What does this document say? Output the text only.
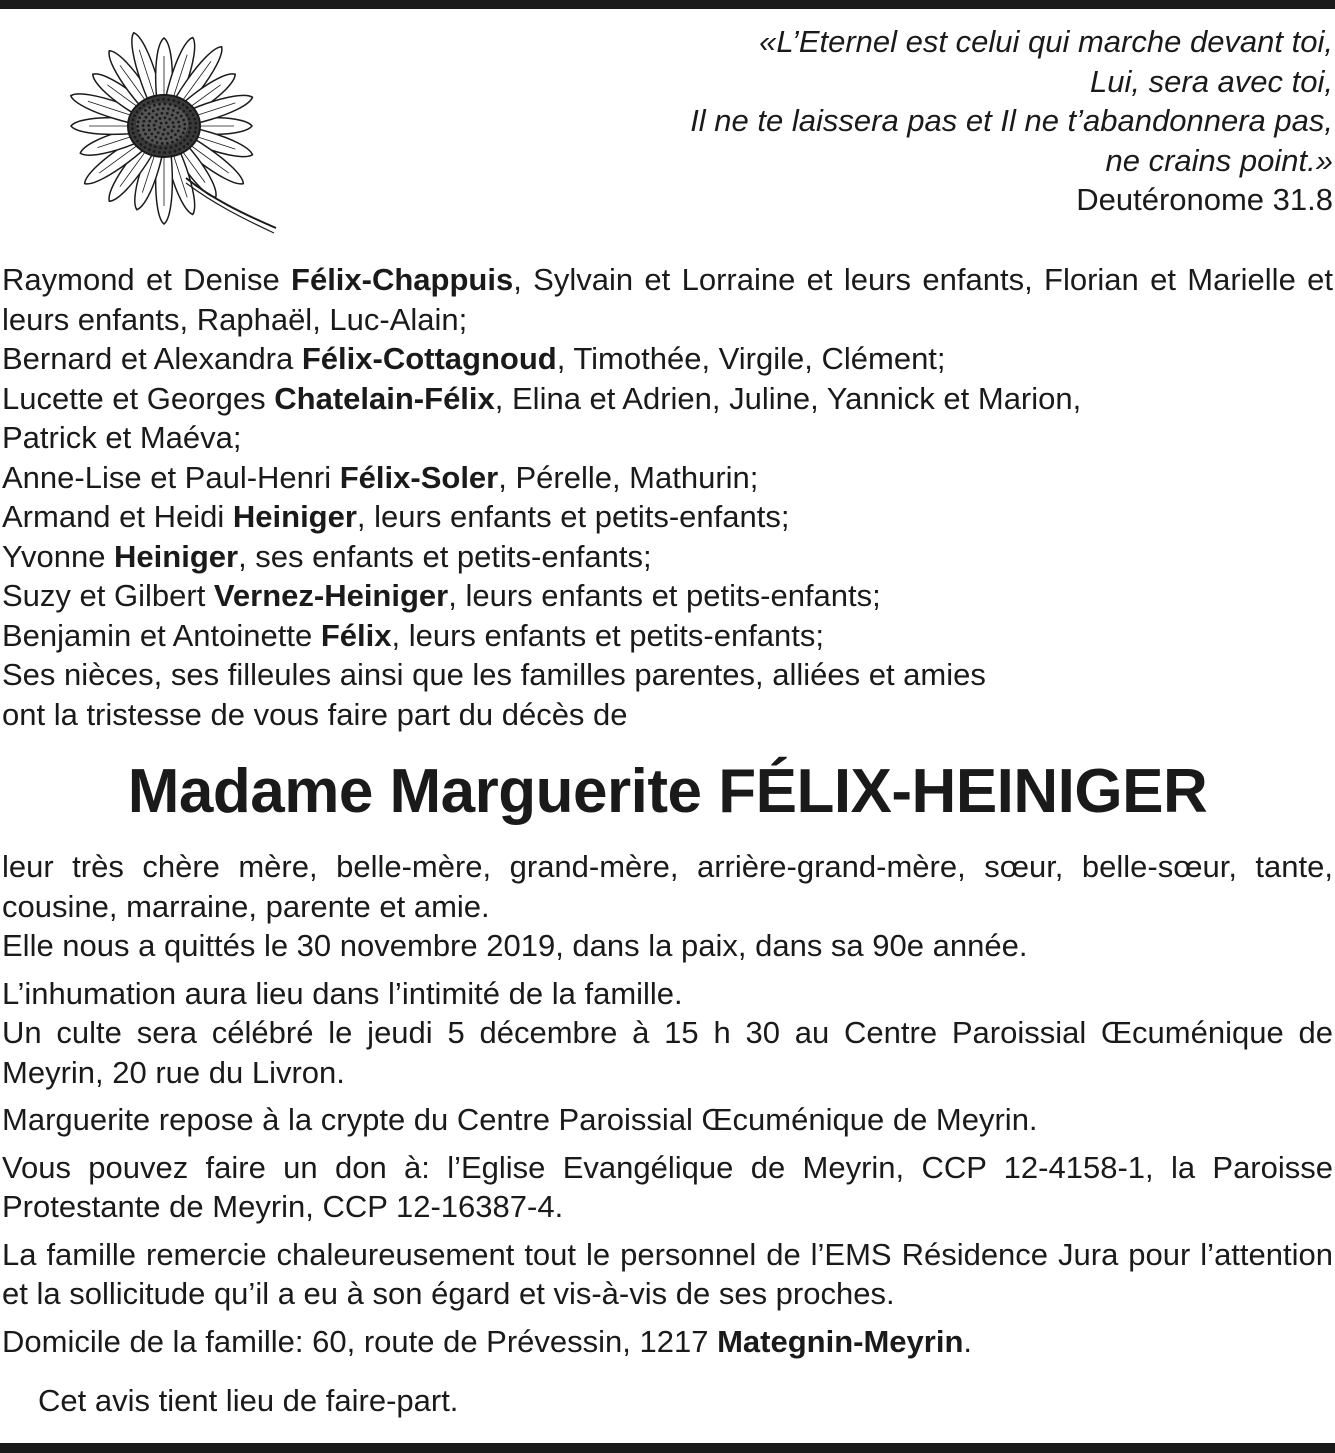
«L’Eternel est celui qui marche devant toi,
Lui, sera avec toi,
Il ne te laissera pas et Il ne t’abandonnera pas,
ne crains point.»
Deutéronome 31.8
Raymond et Denise Félix-Chappuis, Sylvain et Lorraine et leurs enfants, Florian et Marielle et leurs enfants, Raphaël, Luc-Alain;
Bernard et Alexandra Félix-Cottagnoud, Timothée, Virgile, Clément;
Lucette et Georges Chatelain-Félix, Elina et Adrien, Juline, Yannick et Marion,
Patrick et Maéva;
Anne-Lise et Paul-Henri Félix-Soler, Pérelle, Mathurin;
Armand et Heidi Heiniger, leurs enfants et petits-enfants;
Yvonne Heiniger, ses enfants et petits-enfants;
Suzy et Gilbert Vernez-Heiniger, leurs enfants et petits-enfants;
Benjamin et Antoinette Félix, leurs enfants et petits-enfants;
Ses nièces, ses filleules ainsi que les familles parentes, alliées et amies
ont la tristesse de vous faire part du décès de
Madame Marguerite FÉLIX-HEINIGER
leur très chère mère, belle-mère, grand-mère, arrière-grand-mère, sœur, belle-sœur, tante, cousine, marraine, parente et amie.
Elle nous a quittés le 30 novembre 2019, dans la paix, dans sa 90e année.
L’inhumation aura lieu dans l’intimité de la famille.
Un culte sera célébré le jeudi 5 décembre à 15 h 30 au Centre Paroissial Œcuménique de Meyrin, 20 rue du Livron.
Marguerite repose à la crypte du Centre Paroissial Œcuménique de Meyrin.
Vous pouvez faire un don à: l’Eglise Evangélique de Meyrin, CCP 12-4158-1, la Paroisse Protestante de Meyrin, CCP 12-16387-4.
La famille remercie chaleureusement tout le personnel de l’EMS Résidence Jura pour l’attention et la sollicitude qu’il a eu à son égard et vis-à-vis de ses proches.
Domicile de la famille: 60, route de Prévessin, 1217 Mategnin-Meyrin.
Cet avis tient lieu de faire-part.
